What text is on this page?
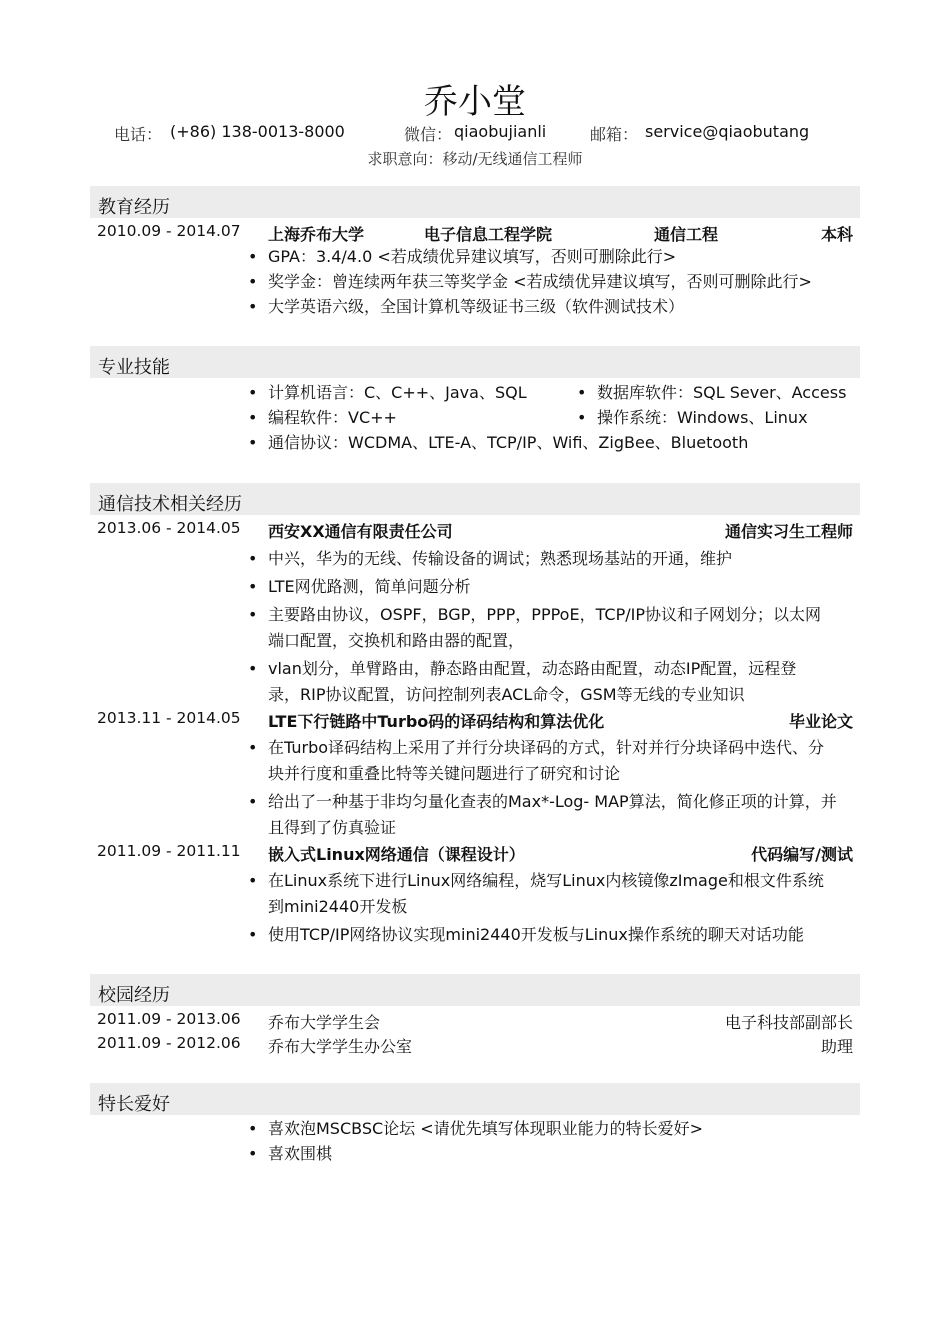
乔小堂
电话： (+86) 138-0013-8000	微信： qiaobujianli	邮箱： service@qiaobutang
求职意向：移动/无线通信工程师
教育经历
2010.09 - 2014.07 上海乔布大学	电子信息工程学院	通信工程	本科
• GPA：3.4/4.0 <若成绩优异建议填写，否则可删除此行>
• 奖学金：曾连续两年获三等奖学金 <若成绩优异建议填写，否则可删除此行>
• 大学英语六级，全国计算机等级证书三级（软件测试技术）
专业技能
• 计算机语言：C、C++、Java、SQL	• 数据库软件：SQL Sever、Access
• 编程软件：VC++	• 操作系统：Windows、Linux
• 通信协议：WCDMA、LTE-A、TCP/IP、Wifi、ZigBee、Bluetooth
通信技术相关经历
2013.06 - 2014.05 西安XX通信有限责任公司	通信实习生工程师
• 中兴，华为的无线、传输设备的调试；熟悉现场基站的开通，维护
• LTE网优路测，简单问题分析
• 主要路由协议，OSPF，BGP，PPP，PPPoE，TCP/IP协议和子网划分；以太网端口配置，交换机和路由器的配置，
• vlan划分，单臂路由，静态路由配置，动态路由配置，动态IP配置，远程登录，RIP协议配置，访问控制列表ACL命令，GSM等无线的专业知识
2013.11 - 2014.05 LTE下行链路中Turbo码的译码结构和算法优化	毕业论文
• 在Turbo译码结构上采用了并行分块译码的方式，针对并行分块译码中迭代、分块并行度和重叠比特等关键问题进行了研究和讨论
• 给出了一种基于非均匀量化查表的Max*-Log- MAP算法，简化修正项的计算，并且得到了仿真验证
2011.09 - 2011.11 嵌入式Linux网络通信（课程设计）	代码编写/测试
• 在Linux系统下进行Linux网络编程，烧写Linux内核镜像zImage和根文件系统到mini2440开发板
• 使用TCP/IP网络协议实现mini2440开发板与Linux操作系统的聊天对话功能
校园经历
2011.09 - 2013.06 乔布大学学生会	电子科技部副部长
2011.09 - 2012.06 乔布大学学生办公室	助理
特长爱好
• 喜欢泡MSCBSC论坛 <请优先填写体现职业能力的特长爱好>
• 喜欢围棋
